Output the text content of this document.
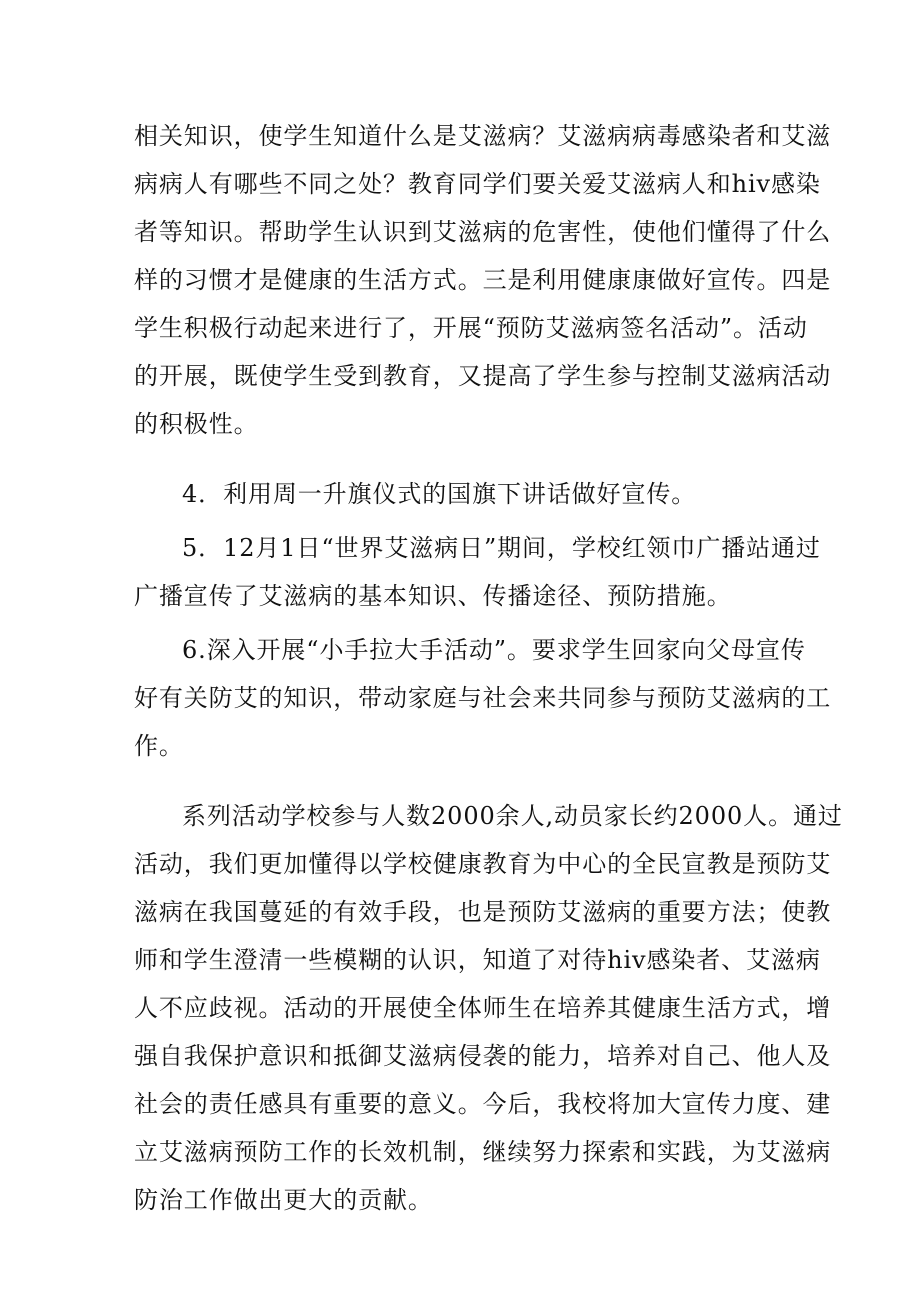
相关知识，使学生知道什么是艾滋病？艾滋病病毒感染者和艾滋
病病人有哪些不同之处？教育同学们要关爱艾滋病人和hiv感染
者等知识。帮助学生认识到艾滋病的危害性，使他们懂得了什么
样的习惯才是健康的生活方式。三是利用健康康做好宣传。四是
学生积极行动起来进行了，开展“预防艾滋病签名活动”。活动
的开展，既使学生受到教育，又提高了学生参与控制艾滋病活动
的积极性。
4．利用周一升旗仪式的国旗下讲话做好宣传。
5．12月1日“世界艾滋病日”期间，学校红领巾广播站通过
广播宣传了艾滋病的基本知识、传播途径、预防措施。
6.深入开展“小手拉大手活动”。要求学生回家向父母宣传
好有关防艾的知识，带动家庭与社会来共同参与预防艾滋病的工
作。
系列活动学校参与人数2000余人,动员家长约2000人。通过
活动，我们更加懂得以学校健康教育为中心的全民宣教是预防艾
滋病在我国蔓延的有效手段，也是预防艾滋病的重要方法；使教
师和学生澄清一些模糊的认识，知道了对待hiv感染者、艾滋病
人不应歧视。活动的开展使全体师生在培养其健康生活方式，增
强自我保护意识和抵御艾滋病侵袭的能力，培养对自己、他人及
社会的责任感具有重要的意义。今后，我校将加大宣传力度、建
立艾滋病预防工作的长效机制，继续努力探索和实践，为艾滋病
防治工作做出更大的贡献。
